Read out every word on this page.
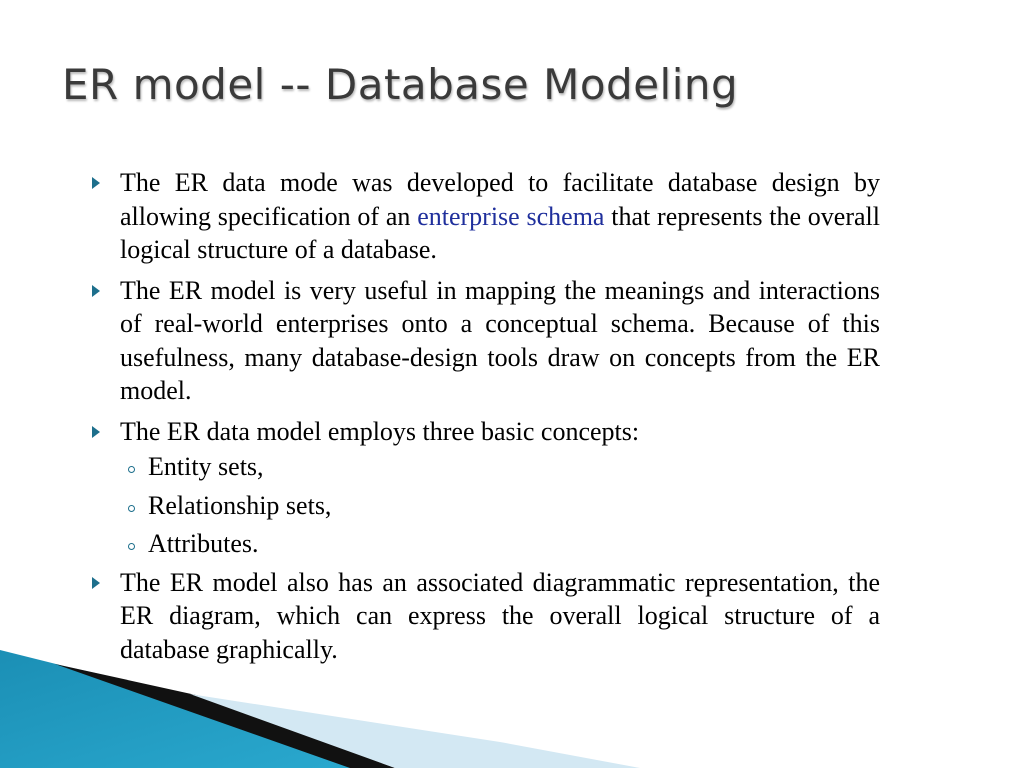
ER model -- Database Modeling
The ER data mode was developed to facilitate database design by allowing specification of an enterprise schema that represents the overall logical structure of a database.
The ER model is very useful in mapping the meanings and interactions of real-world enterprises onto a conceptual schema. Because of this usefulness, many database-design tools draw on concepts from the ER model.
The ER data model employs three basic concepts:
Entity sets,
Relationship sets,
Attributes.
The ER model also has an associated diagrammatic representation, the ER diagram, which can express the overall logical structure of a database graphically.
